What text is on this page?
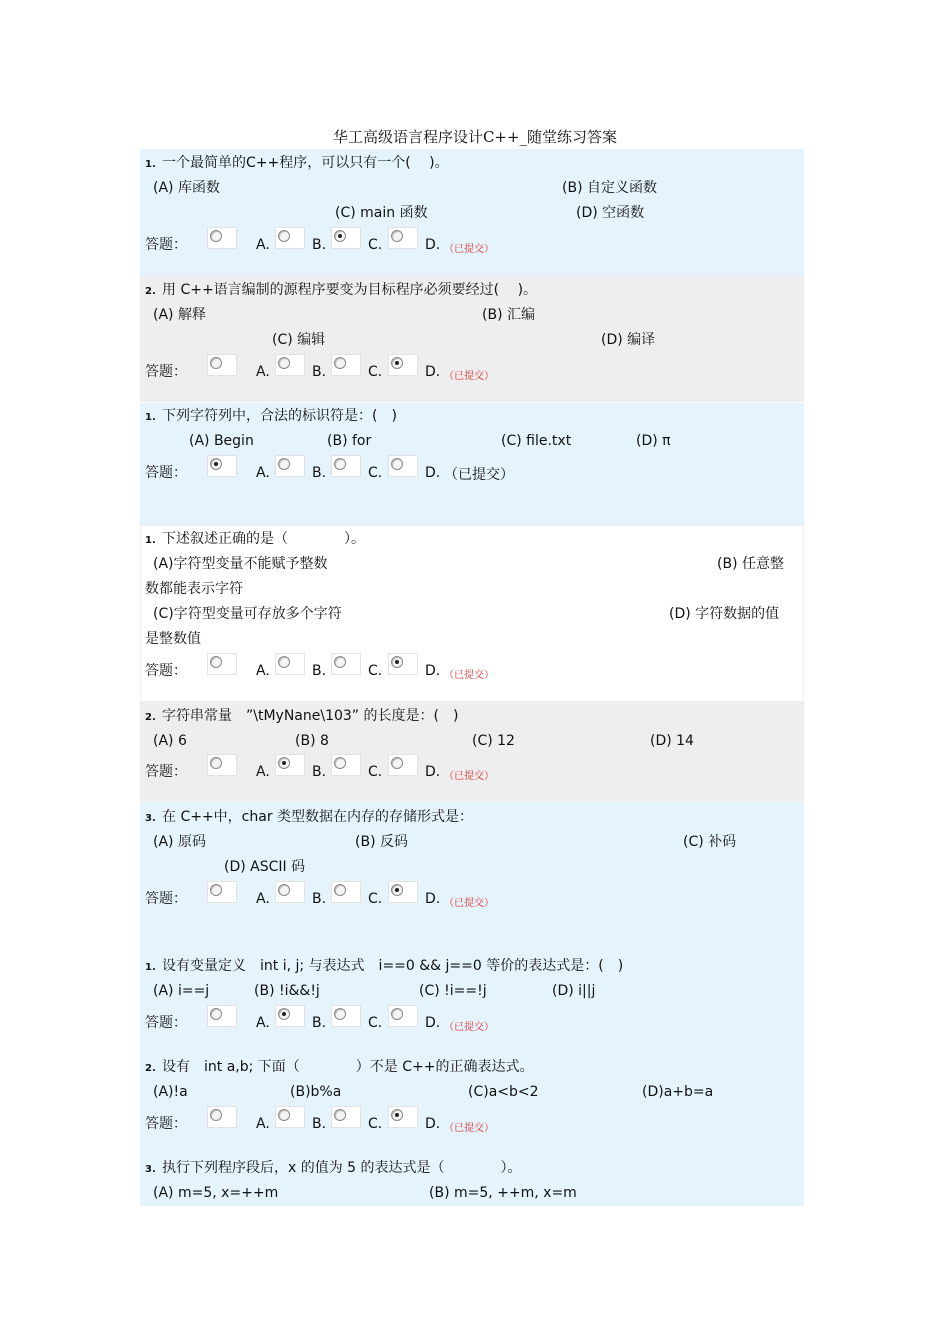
华工高级语言程序设计C++_随堂练习答案
1. 一个最简单的C++程序，可以只有一个(　 )。
(A) 库函数	(B) 自定义函数
(C) main 函数	(D) 空函数
答题：	A.	B.	C.	D. （已提交）
2. 用 C++语言编制的源程序要变为目标程序必须要经过(　 )。
(A) 解释	(B) 汇编
(C) 编辑	(D) 编译
答题：	A.	B.	C.	D. （已提交）
1. 下列字符列中，合法的标识符是：(　)
(A) Begin	(B) for	(C) file.txt	(D) π
答题：	A.	B.	C.	D. （已提交）
1. 下述叙述正确的是（　　　　）。
(A)字符型变量不能赋予整数	(B) 任意整
数都能表示字符
(C)字符型变量可存放多个字符	(D) 字符数据的值
是整数值
答题：	A.	B.	C.	D. （已提交）
2. 字符串常量　”\tMyNane\103” 的长度是：(　)
(A) 6	(B) 8	(C) 12	(D) 14
答题：	A.	B.	C.	D. （已提交）
3. 在 C++中，char 类型数据在内存的存储形式是：
(A) 原码	(B) 反码	(C) 补码
(D) ASCII 码
答题：	A.	B.	C.	D. （已提交）
1. 设有变量定义　int i, j; 与表达式　i==0 && j==0 等价的表达式是：(　)
(A) i==j	(B) !i&&!j	(C) !i==!j	(D) i||j
答题：	A.	B.	C.	D. （已提交）
2. 设有　int a,b; 下面（　　　　）不是 C++的正确表达式。
(A)!a	(B)b%a	(C)a<b<2	(D)a+b=a
答题：	A.	B.	C.	D. （已提交）
3. 执行下列程序段后，x 的值为 5 的表达式是（　　　　）。
(A) m=5, x=++m	(B) m=5, ++m, x=m
